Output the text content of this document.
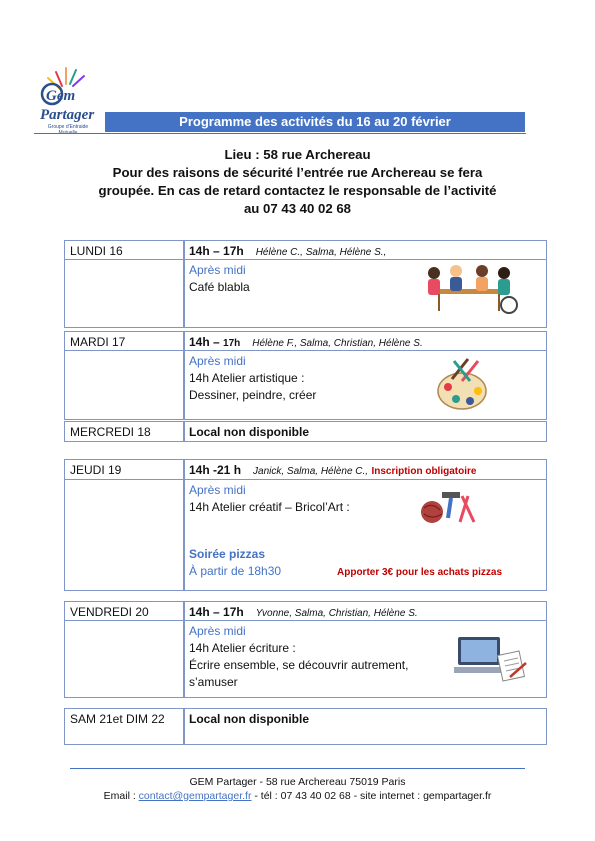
Gem
Partager
Groupe d'Entraide	Programme des activités du 16 au 20 février
Lieu : 58 rue Archereau
Pour des raisons de sécurité l’entrée rue Archereau se fera
groupée. En cas de retard contactez le responsable de l’activité
au 07 43 40 02 68
LUNDI 16	14h – 17h Hélène C., Salma, Hélène S.,
Après midi
Café blabla
MARDI 17	14h – 17h Hélène F., Salma, Christian, Hélène S.
Après midi
14h Atelier artistique :
Dessiner, peindre, créer
MERCREDI 18	Local non disponible
JEUDI 19	14h -21 h Janick, Salma, Hélène C., Inscription obligatoire
Après midi
14h Atelier créatif – Bricol’Art :
Soirée pizzas
À partir de 18h30	Apporter 3€ pour les achats pizzas
VENDREDI 20	14h – 17h Yvonne, Salma, Christian, Hélène S.
Après midi
14h Atelier écriture :
Écrire ensemble, se découvrir autrement,
s’amuser
SAM 21et DIM 22	Local non disponible
GEM Partager - 58 rue Archereau 75019 Paris
Email : contact@gempartager.fr - tél : 07 43 40 02 68 - site internet : gempartager.fr
